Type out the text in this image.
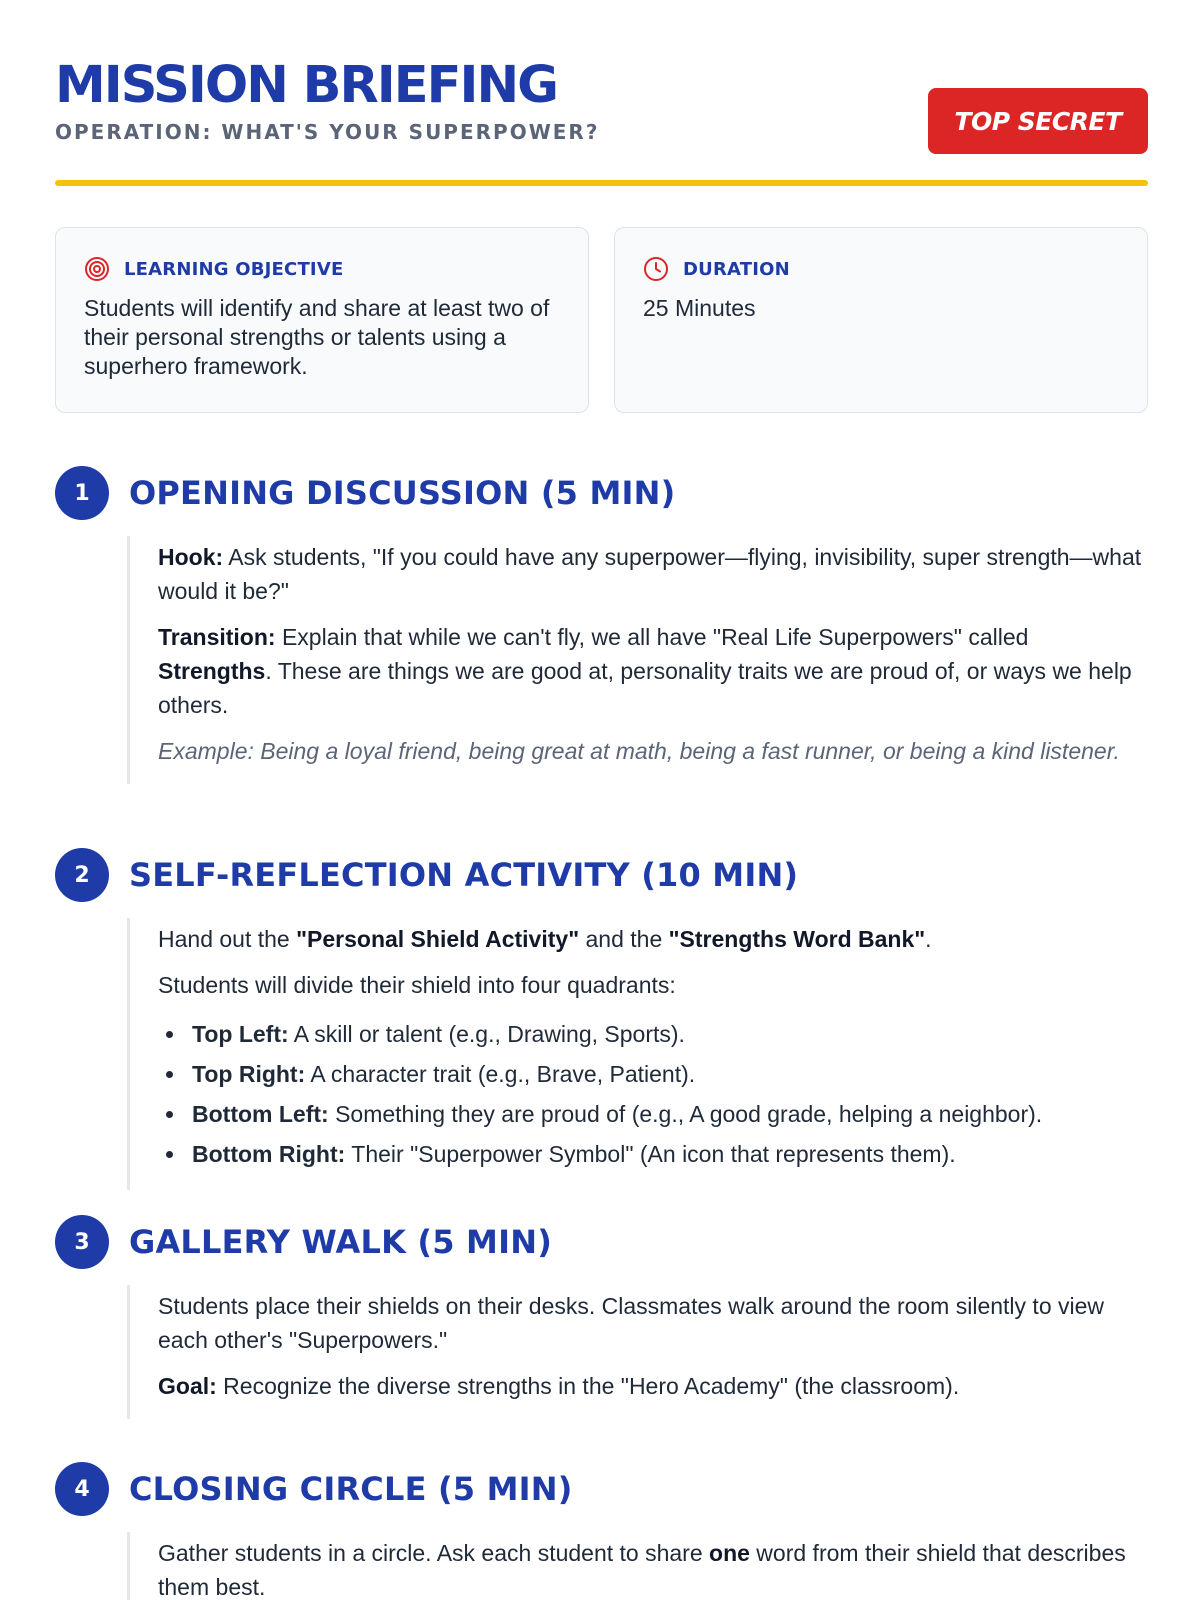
MISSION BRIEFING
OPERATION: WHAT'S YOUR SUPERPOWER?	TOP SECRET
LEARNING OBJECTIVE
Students will identify and share at least two of their personal strengths or talents using a superhero framework.
DURATION
25 Minutes
1	OPENING DISCUSSION (5 MIN)
Hook: Ask students, "If you could have any superpower—flying, invisibility, super strength—what would it be?"
Transition: Explain that while we can't fly, we all have "Real Life Superpowers" called Strengths. These are things we are good at, personality traits we are proud of, or ways we help others.
Example: Being a loyal friend, being great at math, being a fast runner, or being a kind listener.
2	SELF-REFLECTION ACTIVITY (10 MIN)
Hand out the "Personal Shield Activity" and the "Strengths Word Bank".
Students will divide their shield into four quadrants:
Top Left: A skill or talent (e.g., Drawing, Sports).
Top Right: A character trait (e.g., Brave, Patient).
Bottom Left: Something they are proud of (e.g., A good grade, helping a neighbor).
Bottom Right: Their "Superpower Symbol" (An icon that represents them).
3	GALLERY WALK (5 MIN)
Students place their shields on their desks. Classmates walk around the room silently to view each other's "Superpowers."
Goal: Recognize the diverse strengths in the "Hero Academy" (the classroom).
4	CLOSING CIRCLE (5 MIN)
Gather students in a circle. Ask each student to share one word from their shield that describes them best.
